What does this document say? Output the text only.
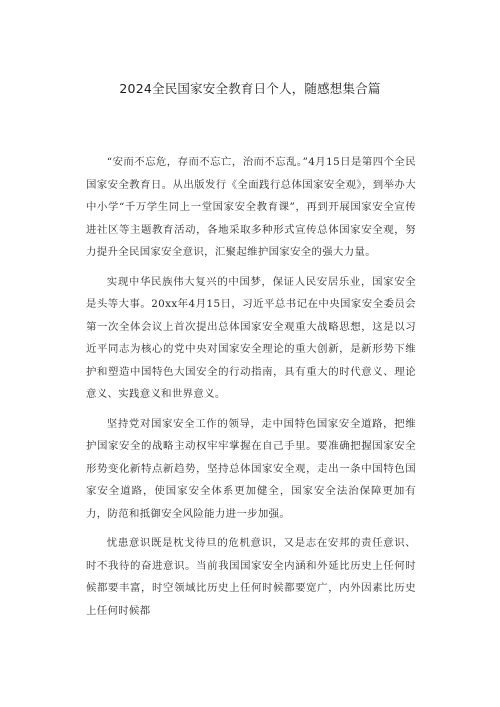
2024全民国家安全教育日个人，随感想集合篇

“安而不忘危，存而不忘亡，治而不忘乱。”4月15日是第四个全民国家安全教育日。从出版发行《全面践行总体国家安全观》，到举办大中小学“千万学生同上一堂国家安全教育课”，再到开展国家安全宣传进社区等主题教育活动，各地采取多种形式宣传总体国家安全观，努力提升全民国家安全意识，汇聚起维护国家安全的强大力量。

实现中华民族伟大复兴的中国梦，保证人民安居乐业，国家安全是头等大事。20xx年4月15日，习近平总书记在中央国家安全委员会第一次全体会议上首次提出总体国家安全观重大战略思想，这是以习近平同志为核心的党中央对国家安全理论的重大创新，是新形势下维护和塑造中国特色大国安全的行动指南，具有重大的时代意义、理论意义、实践意义和世界意义。

坚持党对国家安全工作的领导，走中国特色国家安全道路，把维护国家安全的战略主动权牢牢掌握在自己手里。要准确把握国家安全形势变化新特点新趋势，坚持总体国家安全观，走出一条中国特色国家安全道路，使国家安全体系更加健全，国家安全法治保障更加有力，防范和抵御安全风险能力进一步加强。

忧患意识既是枕戈待旦的危机意识，又是志在安邦的责任意识、时不我待的奋进意识。当前我国国家安全内涵和外延比历史上任何时候都要丰富，时空领域比历史上任何时候都要宽广，内外因素比历史上任何时候都
